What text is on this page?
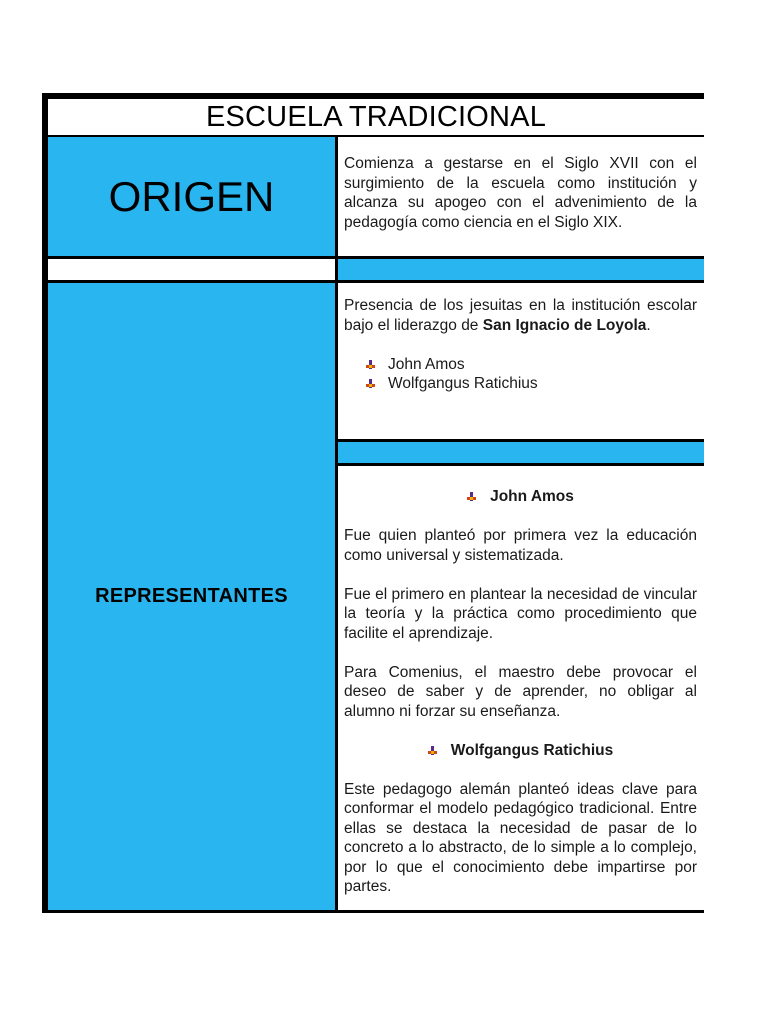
ESCUELA TRADICIONAL
ORIGEN

Comienza a gestarse en el Siglo XVII con el surgimiento de la escuela como institución y alcanza su apogeo con el advenimiento de la pedagogía como ciencia en el Siglo XIX.

REPRESENTANTES

Presencia de los jesuitas en la institución escolar bajo el liderazgo de San Ignacio de Loyola.

John Amos
Wolfgangus Ratichius
John Amos

Fue quien planteó por primera vez la educación como universal y sistematizada.

Fue el primero en plantear la necesidad de vincular la teoría y la práctica como procedimiento que facilite el aprendizaje.

Para Comenius, el maestro debe provocar el deseo de saber y de aprender, no obligar al alumno ni forzar su enseñanza.

Wolfgangus Ratichius

Este pedagogo alemán planteó ideas clave para conformar el modelo pedagógico tradicional. Entre ellas se destaca la necesidad de pasar de lo concreto a lo abstracto, de lo simple a lo complejo, por lo que el conocimiento debe impartirse por partes.
